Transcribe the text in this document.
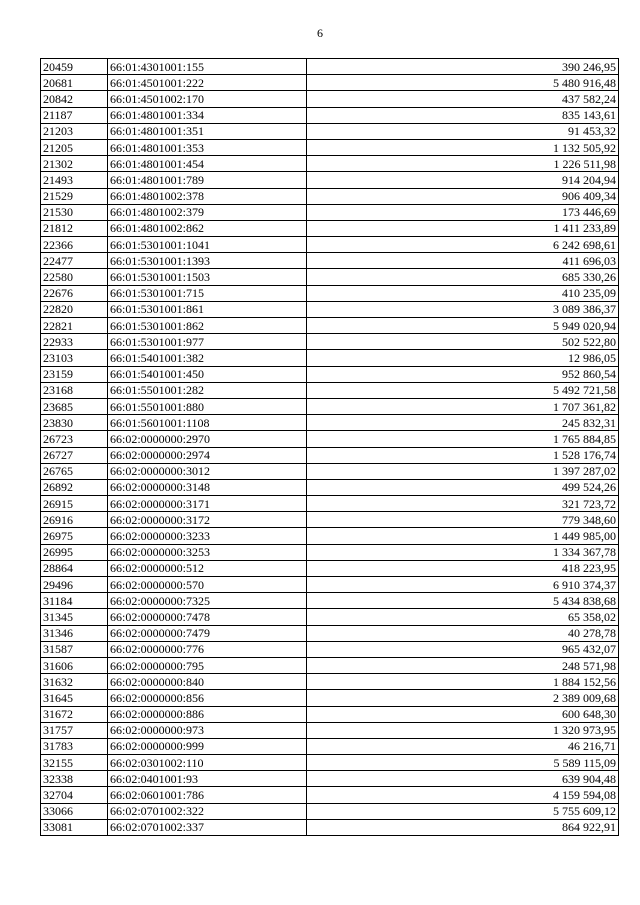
6
20459	66:01:4301001:155	390 246,95
20681	66:01:4501001:222	5 480 916,48
20842	66:01:4501002:170	437 582,24
21187	66:01:4801001:334	835 143,61
21203	66:01:4801001:351	91 453,32
21205	66:01:4801001:353	1 132 505,92
21302	66:01:4801001:454	1 226 511,98
21493	66:01:4801001:789	914 204,94
21529	66:01:4801002:378	906 409,34
21530	66:01:4801002:379	173 446,69
21812	66:01:4801002:862	1 411 233,89
22366	66:01:5301001:1041	6 242 698,61
22477	66:01:5301001:1393	411 696,03
22580	66:01:5301001:1503	685 330,26
22676	66:01:5301001:715	410 235,09
22820	66:01:5301001:861	3 089 386,37
22821	66:01:5301001:862	5 949 020,94
22933	66:01:5301001:977	502 522,80
23103	66:01:5401001:382	12 986,05
23159	66:01:5401001:450	952 860,54
23168	66:01:5501001:282	5 492 721,58
23685	66:01:5501001:880	1 707 361,82
23830	66:01:5601001:1108	245 832,31
26723	66:02:0000000:2970	1 765 884,85
26727	66:02:0000000:2974	1 528 176,74
26765	66:02:0000000:3012	1 397 287,02
26892	66:02:0000000:3148	499 524,26
26915	66:02:0000000:3171	321 723,72
26916	66:02:0000000:3172	779 348,60
26975	66:02:0000000:3233	1 449 985,00
26995	66:02:0000000:3253	1 334 367,78
28864	66:02:0000000:512	418 223,95
29496	66:02:0000000:570	6 910 374,37
31184	66:02:0000000:7325	5 434 838,68
31345	66:02:0000000:7478	65 358,02
31346	66:02:0000000:7479	40 278,78
31587	66:02:0000000:776	965 432,07
31606	66:02:0000000:795	248 571,98
31632	66:02:0000000:840	1 884 152,56
31645	66:02:0000000:856	2 389 009,68
31672	66:02:0000000:886	600 648,30
31757	66:02:0000000:973	1 320 973,95
31783	66:02:0000000:999	46 216,71
32155	66:02:0301002:110	5 589 115,09
32338	66:02:0401001:93	639 904,48
32704	66:02:0601001:786	4 159 594,08
33066	66:02:0701002:322	5 755 609,12
33081	66:02:0701002:337	864 922,91
